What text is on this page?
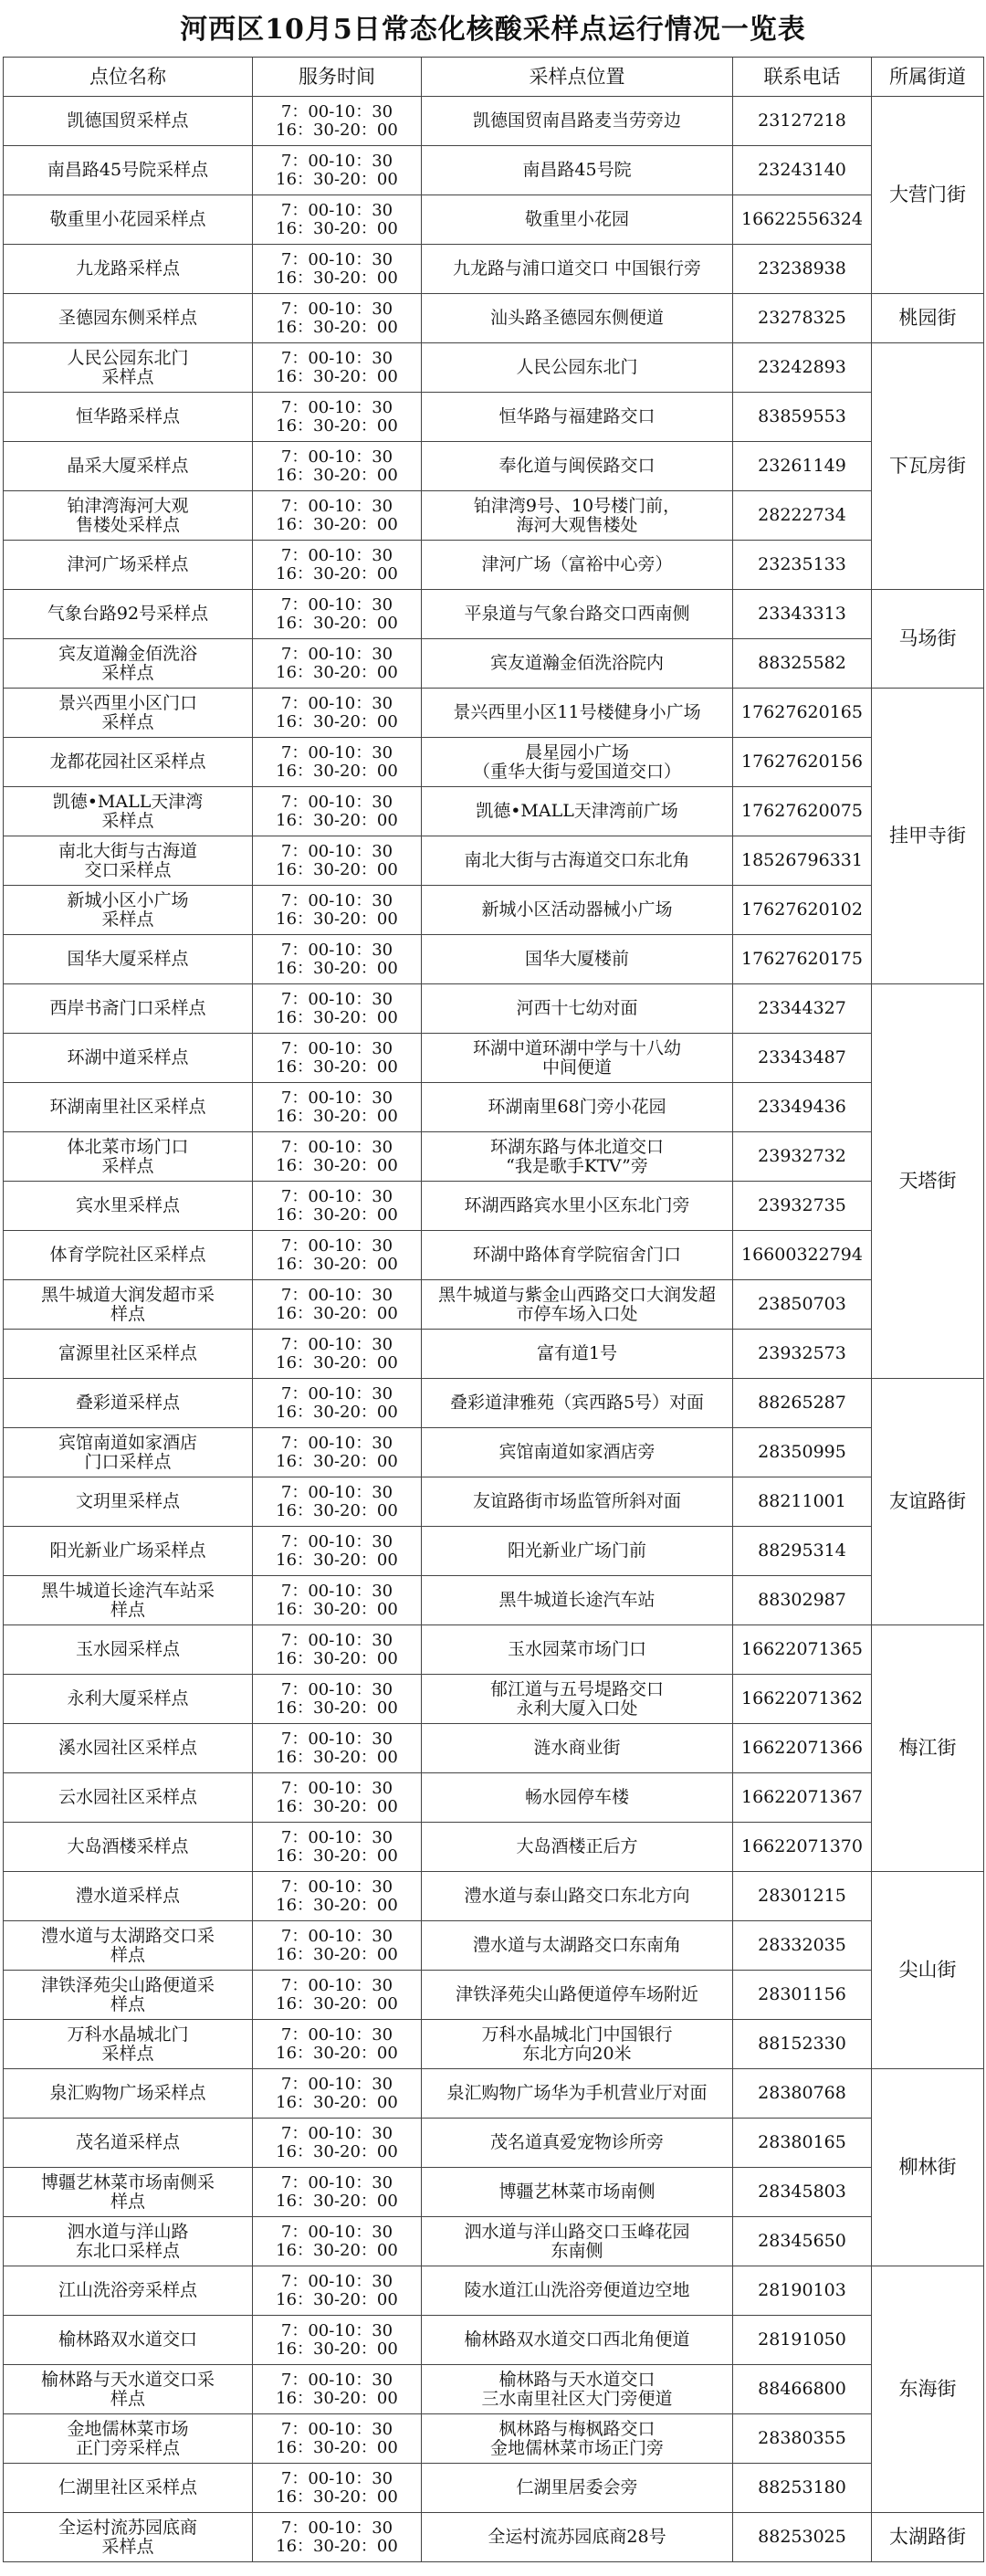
河西区10月5日常态化核酸采样点运行情况一览表
点位名称	服务时间	采样点位置	联系电话	所属街道

凯德国贸采样点	7：00-10：30
16：30-20：00	凯德国贸南昌路麦当劳旁边	23127218	大营门街

南昌路45号院采样点	7：00-10：30
16：30-20：00	南昌路45号院	23243140	

敬重里小花园采样点	7：00-10：30
16：30-20：00	敬重里小花园	16622556324	

九龙路采样点	7：00-10：30
16：30-20：00	九龙路与浦口道交口 中国银行旁	23238938	

圣德园东侧采样点	7：00-10：30
16：30-20：00	汕头路圣德园东侧便道	23278325	桃园街

人民公园东北门
采样点	7：00-10：30
16：30-20：00	人民公园东北门	23242893	下瓦房街

恒华路采样点	7：00-10：30
16：30-20：00	恒华路与福建路交口	83859553	

晶采大厦采样点	7：00-10：30
16：30-20：00	奉化道与闽侯路交口	23261149	

铂津湾海河大观
售楼处采样点	7：00-10：30
16：30-20：00	铂津湾9号、10号楼门前，
海河大观售楼处	28222734	

津河广场采样点	7：00-10：30
16：30-20：00	津河广场（富裕中心旁）	23235133	

气象台路92号采样点	7：00-10：30
16：30-20：00	平泉道与气象台路交口西南侧	23343313	马场街

宾友道瀚金佰洗浴
采样点	7：00-10：30
16：30-20：00	宾友道瀚金佰洗浴院内	88325582	

景兴西里小区门口
采样点	7：00-10：30
16：30-20：00	景兴西里小区11号楼健身小广场	17627620165	挂甲寺街

龙都花园社区采样点	7：00-10：30
16：30-20：00	晨星园小广场
（重华大街与爱国道交口）	17627620156	

凯德•MALL天津湾
采样点	7：00-10：30
16：30-20：00	凯德•MALL天津湾前广场	17627620075	

南北大街与古海道
交口采样点	7：00-10：30
16：30-20：00	南北大街与古海道交口东北角	18526796331	

新城小区小广场
采样点	7：00-10：30
16：30-20：00	新城小区活动器械小广场	17627620102	

国华大厦采样点	7：00-10：30
16：30-20：00	国华大厦楼前	17627620175	

西岸书斋门口采样点	7：00-10：30
16：30-20：00	河西十七幼对面	23344327	天塔街

环湖中道采样点	7：00-10：30
16：30-20：00	环湖中道环湖中学与十八幼
中间便道	23343487	

环湖南里社区采样点	7：00-10：30
16：30-20：00	环湖南里68门旁小花园	23349436	

体北菜市场门口
采样点	7：00-10：30
16：30-20：00	环湖东路与体北道交口
“我是歌手KTV”旁	23932732	

宾水里采样点	7：00-10：30
16：30-20：00	环湖西路宾水里小区东北门旁	23932735	

体育学院社区采样点	7：00-10：30
16：30-20：00	环湖中路体育学院宿舍门口	16600322794	

黑牛城道大润发超市采
样点	7：00-10：30
16：30-20：00	黑牛城道与紫金山西路交口大润发超
市停车场入口处	23850703	

富源里社区采样点	7：00-10：30
16：30-20：00	富有道1号	23932573	

叠彩道采样点	7：00-10：30
16：30-20：00	叠彩道津雅苑（宾西路5号）对面	88265287	友谊路街

宾馆南道如家酒店
门口采样点	7：00-10：30
16：30-20：00	宾馆南道如家酒店旁	28350995	

文玥里采样点	7：00-10：30
16：30-20：00	友谊路街市场监管所斜对面	88211001	

阳光新业广场采样点	7：00-10：30
16：30-20：00	阳光新业广场门前	88295314	

黑牛城道长途汽车站采
样点	7：00-10：30
16：30-20：00	黑牛城道长途汽车站	88302987	

玉水园采样点	7：00-10：30
16：30-20：00	玉水园菜市场门口	16622071365	梅江街

永利大厦采样点	7：00-10：30
16：30-20：00	郁江道与五号堤路交口
永利大厦入口处	16622071362	

溪水园社区采样点	7：00-10：30
16：30-20：00	涟水商业街	16622071366	

云水园社区采样点	7：00-10：30
16：30-20：00	畅水园停车楼	16622071367	

大岛酒楼采样点	7：00-10：30
16：30-20：00	大岛酒楼正后方	16622071370	

澧水道采样点	7：00-10：30
16：30-20：00	澧水道与泰山路交口东北方向	28301215	尖山街

澧水道与太湖路交口采
样点	7：00-10：30
16：30-20：00	澧水道与太湖路交口东南角	28332035	

津铁泽苑尖山路便道采
样点	7：00-10：30
16：30-20：00	津铁泽苑尖山路便道停车场附近	28301156	

万科水晶城北门
采样点	7：00-10：30
16：30-20：00	万科水晶城北门中国银行
东北方向20米	88152330	

泉汇购物广场采样点	7：00-10：30
16：30-20：00	泉汇购物广场华为手机营业厅对面	28380768	柳林街

茂名道采样点	7：00-10：30
16：30-20：00	茂名道真爱宠物诊所旁	28380165	

博疆艺林菜市场南侧采
样点	7：00-10：30
16：30-20：00	博疆艺林菜市场南侧	28345803	

泗水道与洋山路
东北口采样点	7：00-10：30
16：30-20：00	泗水道与洋山路交口玉峰花园
东南侧	28345650	

江山洗浴旁采样点	7：00-10：30
16：30-20：00	陵水道江山洗浴旁便道边空地	28190103	东海街

榆林路双水道交口	7：00-10：30
16：30-20：00	榆林路双水道交口西北角便道	28191050	

榆林路与天水道交口采
样点	7：00-10：30
16：30-20：00	榆林路与天水道交口
三水南里社区大门旁便道	88466800	

金地儒林菜市场
正门旁采样点	7：00-10：30
16：30-20：00	枫林路与梅枫路交口
金地儒林菜市场正门旁	28380355	

仁湖里社区采样点	7：00-10：30
16：30-20：00	仁湖里居委会旁	88253180	

全运村流苏园底商
采样点	7：00-10：30
16：30-20：00	全运村流苏园底商28号	88253025	太湖路街
